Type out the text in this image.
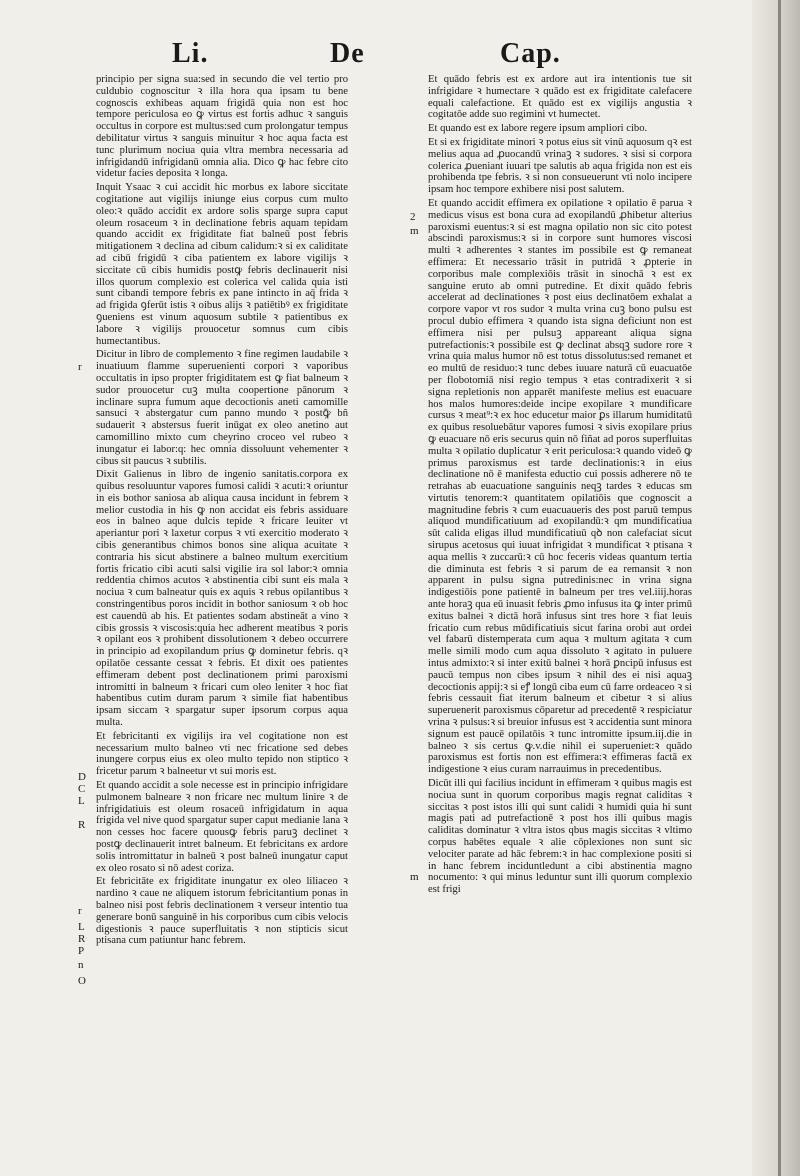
Li.	De	Cap.
r
D
C
L
R
r
L
R
P
n
O
2
m
m

principio per signa sua:sed in secundo die vel tertio pro culdubio cognoscitur ꝛ illa hora qua ipsam tu bene cognoscis exhibeas aquam frigidā quia non est hoc tempore periculosa eo ꝙ virtus est fortis adhuc ꝛ sanguis occultus in corpore est multus:sed cum prolongatur tempus debilitatur virtus ꝛ sanguis minuitur ꝛ hoc aqua facta est tunc plurimum nociua quia vltra membra necessaria ad infrigidandū infrigidanū omnia alia. Dico ꝙ hac febre cito videtur facies deposita ꝛ longa.

Inquit Ysaac ꝛ cui accidit hic morbus ex labore siccitate cogitatione aut vigilijs iniunge eius corpus cum multo oleo:ꝛ quādo accidit ex ardore solis sparge supra caput oleum rosaceum ꝛ in declinatione febris aquam tepidam quando accidit ex frigiditate fiat balneū post febris mitigationem ꝛ declina ad cibum calidum:ꝛ si ex caliditate ad cibū frigidū ꝛ ciba patientem ex labore vigilijs ꝛ siccitate cū cibis humidis postꝙ febris declinauerit nisi illos quorum complexio est colerica vel calida quia isti sunt cibandi tempore febris ex pane intincto in aq̄ frida ꝛ ad frigida ꝯferūt istis ꝛ oibus alijs ꝛ patiētibꝰ ex frigiditate ꝯueniens est vinum aquosum subtile ꝛ patientibus ex labore ꝛ vigilijs prouocetur somnus cum cibis humectantibus.

Dicitur in libro de complemento ꝛ fine regimen laudabile ꝛ inuatiuum flamme superuenienti corpori ꝛ vaporibus occultatis in ipso propter frigiditatem est ꝙ fiat balneum ꝛ sudor prouocetur cuꝫ multa coopertione pānorum ꝛ inclinare supra fumum aque decoctionis aneti camomille sansuci ꝛ abstergatur cum panno mundo ꝛ postꝙ̄ bñ sudauerit ꝛ abstersus fuerit inūgat ex oleo anetino aut camomillino mixto cum cheyrino croceo vel rubeo ꝛ inungatur ei labor:q: hec omnia dissoluunt vehementer ꝛ cibus sit paucus ꝛ subtilis.

Dixit Galienus in libro de ingenio sanitatis.corpora ex quibus resoluuntur vapores fumosi calidi ꝛ acuti:ꝛ oriuntur in eis bothor saniosa ab aliqua causa incidunt in febrem ꝛ melior custodia in his ꝙ non accidat eis febris assiduare eos in balneo aque dulcis tepide ꝛ fricare leuiter vt aperiantur pori ꝛ laxetur corpus ꝛ vti exercitio moderato ꝛ cibis generantibus chimos bonos sine aliqua acuitate ꝛ contraria his sicut abstinere a balneo multum exercitium fortis fricatio cibi acuti salsi vigilie ira sol labor:ꝛ omnia reddentia chimos acutos ꝛ abstinentia cibi sunt eis mala ꝛ nociua ꝛ cum balneatur quis ex aquis ꝛ rebus opilantibus ꝛ constringentibus poros incidit in bothor saniosum ꝛ ob hoc est cauendū ab his. Et patientes sodam abstineāt a vino ꝛ cibis grossis ꝛ viscosis:quia hec adherent meatibus ꝛ poris ꝛ opilant eos ꝛ prohibent dissolutionem ꝛ debeo occurrere in principio ad exopilandum prius ꝙ dominetur febris. qꝛ opilatōe cessante cessat ꝛ febris. Et dixit oes patientes effimeram debent post declinationem primi paroxismi intromitti in balneum ꝛ fricari cum oleo leniter ꝛ hoc fiat habentibus cutim duram parum ꝛ simile fiat habentibus ipsam siccam ꝛ spargatur super ipsorum corpus aqua multa.

Et febricitanti ex vigilijs ira vel cogitatione non est necessarium multo balneo vti nec fricatione sed debes inungere corpus eius ex oleo multo tepido non stiptico ꝛ fricetur parum ꝛ balneetur vt sui moris est.

Et quando accidit a sole necesse est in principio infrigidare pulmonem balneare ꝛ non fricare nec multum linire ꝛ de infrigidatiuis est oleum rosaceū infrigidatum in aqua frigida vel nive quod spargatur super caput medianie lana ꝛ non cesses hoc facere quousꝙ febris paruꝫ declinet ꝛ postꝙ declinauerit intret balneum. Et febricitans ex ardore solis intromittatur in balneū ꝛ post balneū inungatur caput ex oleo rosato si nō adest coriza.

Et febricitāte ex frigiditate inungatur ex oleo liliaceo ꝛ nardino ꝛ caue ne aliquem istorum febricitantium ponas in balneo nisi post febris declinationem ꝛ verseur intentio tua generare bonū sanguinē in his corporibus cum cibis velocis digestionis ꝛ pauce superfluitatis ꝛ non stipticis sicut ptisana cum patiuntur hanc febrem.

Et quādo febris est ex ardore aut ira intentionis tue sit infrigidare ꝛ humectare ꝛ quādo est ex frigiditate calefacere equali calefactione. Et quādo est ex vigilijs angustia ꝛ cogitatōe adde suo regimini vt humectet.

Et quando est ex labore regere ipsum ampliori cibo.

Et si ex frigiditate minori ꝛ potus eius sit vinū aquosum qꝛ est melius aqua ad ꝓuocandū vrinaꝫ ꝛ sudores. ꝛ sisi si corpora colerica ꝓueniant iuuari tpe salutis ab aqua frigida non est eis prohibenda tpe febris. ꝛ si non consueuerunt vti nolo incipere ipsam hoc tempore exhibere nisi post salutem.

Et quando accidit effimera ex opilatione ꝛ opilatio ē parua ꝛ medicus visus est bona cura ad exopilandū ꝓhibetur alterius paroxismi euentus:ꝛ si est magna opilatio non sic cito potest abscindi paroxismus:ꝛ si in corpore sunt humores viscosi multi ꝛ adherentes ꝛ stantes im possibile est ꝙ remaneat effimera: Et necessario trāsit in putridā ꝛ ꝓpterie in corporibus male complexiōis trāsit in sinochā ꝛ est ex sanguine eruto ab omni putredine. Et dixit quādo febris accelerat ad declinationes ꝛ post eius declinatōem exhalat a corpore vapor vt ros sudor ꝛ multa vrina cuꝫ bono pulsu est procul dubio effimera ꝛ quando ista signa deficiunt non est effimera nisi per pulsuꝫ appareant aliqua signa putrefactionis:ꝛ possibile est ꝙ declinat absqꝫ sudore rore ꝛ vrina quia malus humor nō est totus dissolutus:sed remanet et eo multū de residuo:ꝛ tunc debes iuuare naturā cū euacuatōe per flobotomiā nisi regio tempus ꝛ etas contradixerit ꝛ si signa repletionis non apparēt manifeste melius est euacuare hos malos humores:deide incipe exopilare ꝛ mundificare cursus ꝛ meat⁹:ꝛ ex hoc educetur maior ꝑs illarum humiditatū ex quibus resoluebātur vapores fumosi ꝛ sivis exopilare prius ꝙ euacuare nō eris securus quin nō fiñat ad poros superfluitas multa ꝛ opilatio duplicatur ꝛ erit periculosa:ꝛ quando videō ꝙ primus paroxismus est tarde declinationis:ꝛ in eius declinatione nō ē manifesta eductio cui possis adherere nō te retrahas ab euacuatione sanguinis neqꝫ tardes ꝛ educas sm virtutis tenorem:ꝛ quantitatem opilatiōis que cognoscit a magnitudine febris ꝛ cum euacuaueris des post paruū tempus aliquod mundificatiuum ad exopilandū:ꝛ qm mundificatiua sūt calida eligas illud mundificatiuū qꝺ non calefaciat sicut sirupus acetosus qui iuuat infrigidat ꝛ mundificat ꝛ ptisana ꝛ aqua mellis ꝛ zuccarū:ꝛ cū hoc feceris videas quantum tertia die diminuta est febris ꝛ si parum de ea remansit ꝛ non apparent in pulsu signa putredinis:nec in vrina signa indigestiōis pone patientē in balneum per tres vel.iiij.horas ante horaꝫ qua eū inuasit febris ꝓmo infusus ita ꝙ inter primū exitus balnei ꝛ dictā horā infusus sint tres hore ꝛ fiat leuis fricatio cum rebus mūdificatiuis sicut farina orobi aut ordei vel fabarū distemperata cum aqua ꝛ multum agitata ꝛ cum melle simili modo cum aqua dissoluto ꝛ agitato in puluere intus admixto:ꝛ si inter exitū balnei ꝛ horā ꝑncipū infusus est paucū tempus non cibes ipsum ꝛ nihil des ei nisi aquaꝫ decoctionis appij:ꝛ si eꝭ longū ciba eum cū farre ordeaceo ꝛ si febris cessauit fiat iterum balneum et cibetur ꝛ si alius superuenerit paroxismus cōparetur ad precedentē ꝛ respiciatur vrina ꝛ pulsus:ꝛ si breuior infusus est ꝛ accidentia sunt minora signum est paucē opilatōis ꝛ tunc intromitte ipsum.iij.die in balneo ꝛ sis certus ꝙ.v.die nihil ei superueniet:ꝛ quādo paroxismus est fortis non est effimera:ꝛ effimeras factā ex indigestione ꝛ eius curam narrauimus in precedentibus.

Dicūt illi qui facilius incidunt in effimeram ꝛ quibus magis est nociua sunt in quorum corporibus magis regnat caliditas ꝛ siccitas ꝛ post istos illi qui sunt calidi ꝛ humidi quia hi sunt magis pati ad putrefactionē ꝛ post hos illi quibus magis caliditas dominatur ꝛ vltra istos qbus magis siccitas ꝛ vltimo corpus habētes equale ꝛ alie cōplexiones non sunt sic velociter parate ad hāc febrem:ꝛ in hac complexione positi si in hanc febrem inciduntledunt a cibi abstinentia magno nocumento: ꝛ qui minus leduntur sunt illi quorum complexio est frigi
